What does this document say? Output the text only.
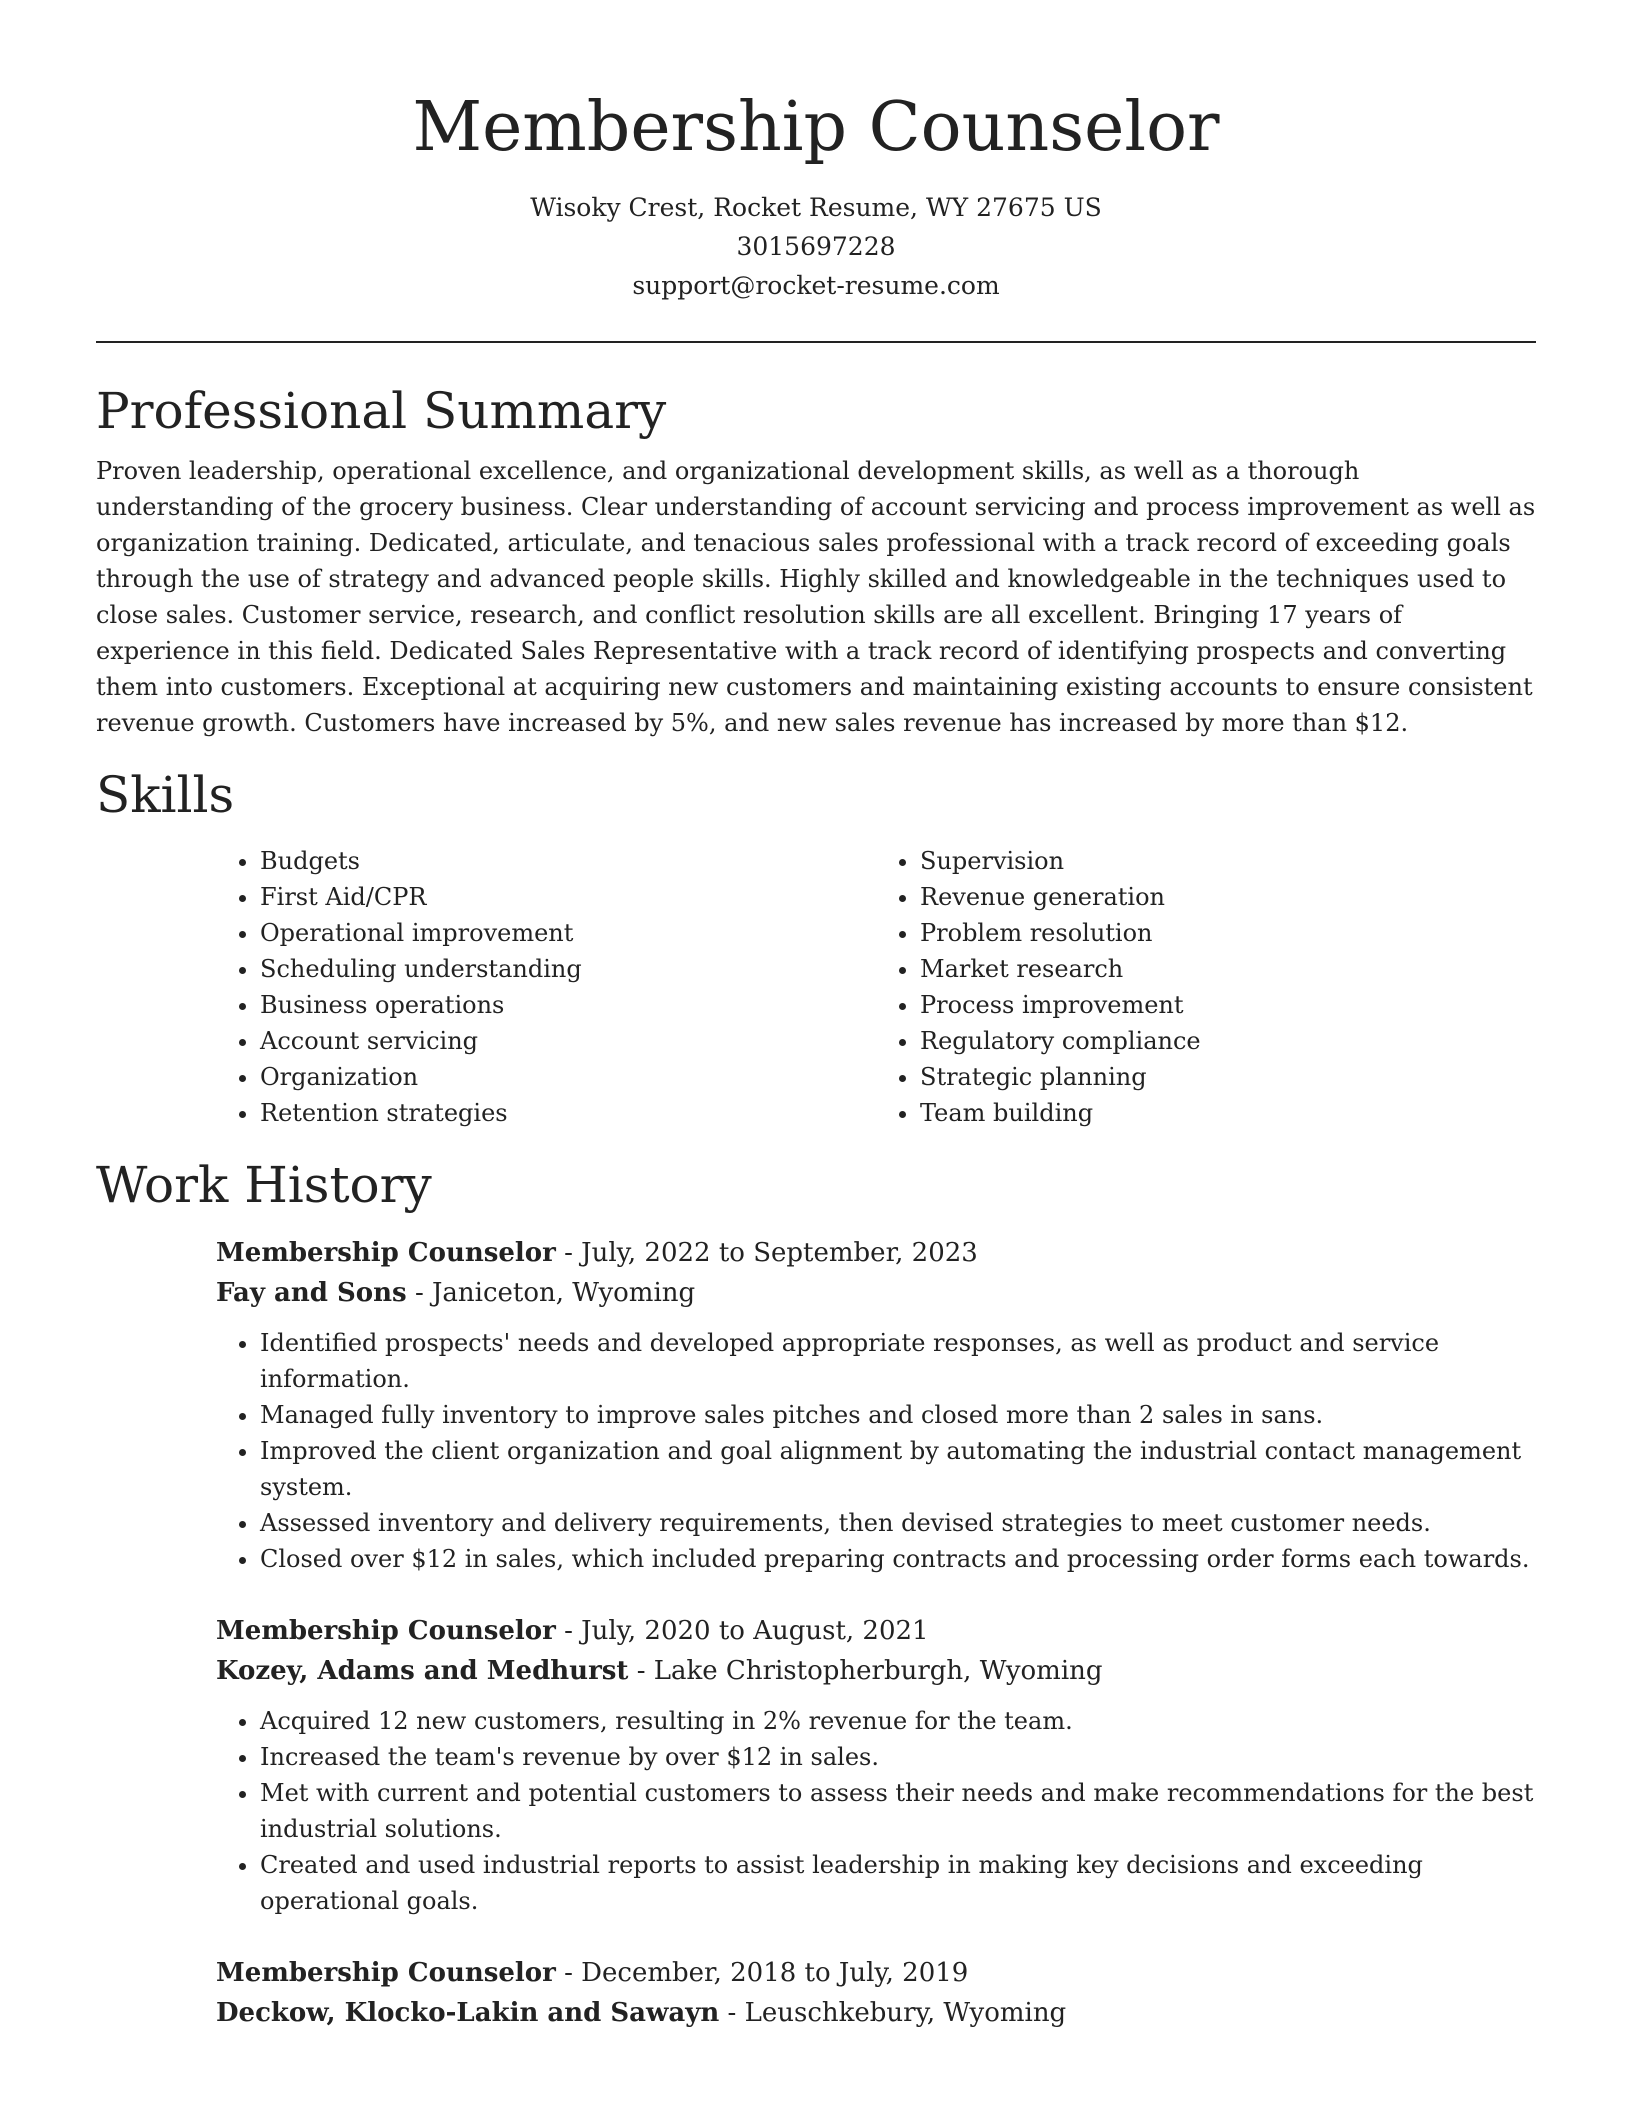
Membership Counselor

Wisoky Crest, Rocket Resume, WY 27675 US

3015697228

support@rocket-resume.com

Professional Summary

Proven leadership, operational excellence, and organizational development skills, as well as a thorough understanding of the grocery business. Clear understanding of account servicing and process improvement as well as organization training. Dedicated, articulate, and tenacious sales professional with a track record of exceeding goals through the use of strategy and advanced people skills. Highly skilled and knowledgeable in the techniques used to close sales. Customer service, research, and conflict resolution skills are all excellent. Bringing 17 years of experience in this field. Dedicated Sales Representative with a track record of identifying prospects and converting them into customers. Exceptional at acquiring new customers and maintaining existing accounts to ensure consistent revenue growth. Customers have increased by 5%, and new sales revenue has increased by more than $12.

Skills
• Budgets
• First Aid/CPR
• Operational improvement
• Scheduling understanding
• Business operations
• Account servicing
• Organization
• Retention strategies
• Supervision
• Revenue generation
• Problem resolution
• Market research
• Process improvement
• Regulatory compliance
• Strategic planning
• Team building
Work History

Membership Counselor - July, 2022 to September, 2023

Fay and Sons - Janiceton, Wyoming

• Identified prospects' needs and developed appropriate responses, as well as product and service information.
• Managed fully inventory to improve sales pitches and closed more than 2 sales in sans.
• Improved the client organization and goal alignment by automating the industrial contact management system.
• Assessed inventory and delivery requirements, then devised strategies to meet customer needs.
• Closed over $12 in sales, which included preparing contracts and processing order forms each towards.

Membership Counselor - July, 2020 to August, 2021

Kozey, Adams and Medhurst - Lake Christopherburgh, Wyoming

• Acquired 12 new customers, resulting in 2% revenue for the team.
• Increased the team's revenue by over $12 in sales.
• Met with current and potential customers to assess their needs and make recommendations for the best industrial solutions.
• Created and used industrial reports to assist leadership in making key decisions and exceeding operational goals.

Membership Counselor - December, 2018 to July, 2019

Deckow, Klocko-Lakin and Sawayn - Leuschkebury, Wyoming
